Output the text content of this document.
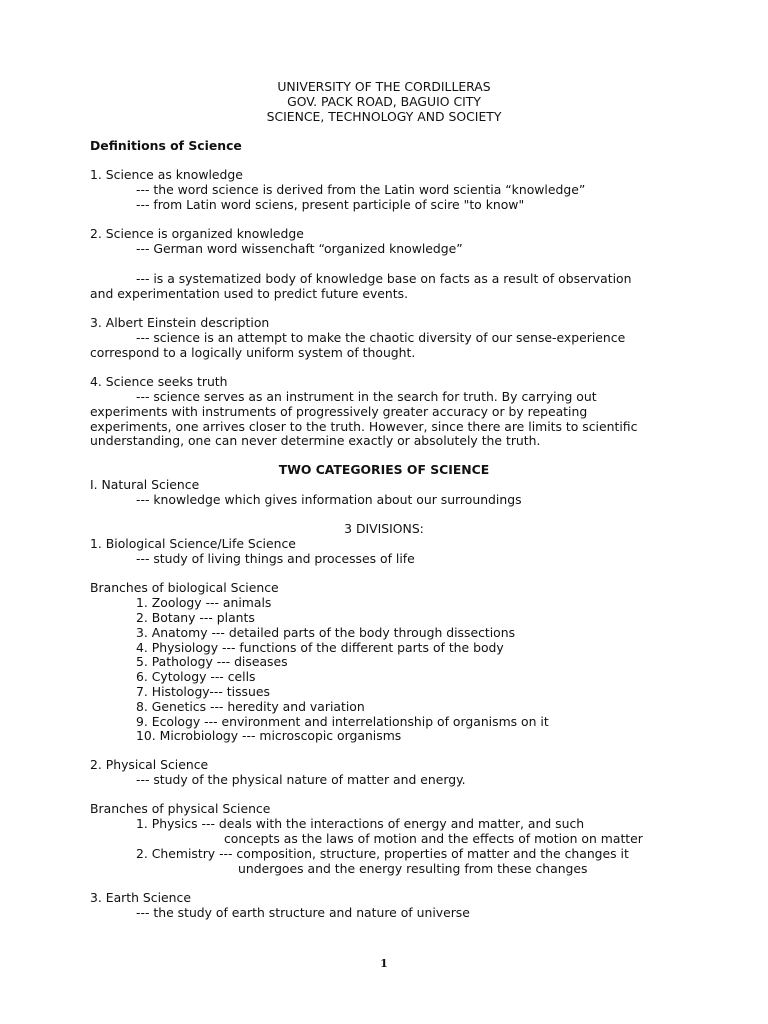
UNIVERSITY OF THE CORDILLERAS

GOV. PACK ROAD, BAGUIO CITY

SCIENCE, TECHNOLOGY AND SOCIETY

Definitions of Science

1. Science as knowledge

--- the word science is derived from the Latin word scientia “knowledge”

--- from Latin word sciens, present participle of scire "to know"

2. Science is organized knowledge

--- German word wissenchaft “organized knowledge”

--- is a systematized body of knowledge base on facts as a result of observation

and experimentation used to predict future events.

3. Albert Einstein description

--- science is an attempt to make the chaotic diversity of our sense-experience

correspond to a logically uniform system of thought.

4. Science seeks truth

--- science serves as an instrument in the search for truth. By carrying out

experiments with instruments of progressively greater accuracy or by repeating

experiments, one arrives closer to the truth. However, since there are limits to scientific

understanding, one can never determine exactly or absolutely the truth.

TWO CATEGORIES OF SCIENCE

I. Natural Science

--- knowledge which gives information about our surroundings

3 DIVISIONS:

1. Biological Science/Life Science

--- study of living things and processes of life

Branches of biological Science

1. Zoology --- animals

2. Botany --- plants

3. Anatomy --- detailed parts of the body through dissections

4. Physiology --- functions of the different parts of the body

5. Pathology --- diseases

6. Cytology --- cells

7. Histology--- tissues

8. Genetics --- heredity and variation

9. Ecology --- environment and interrelationship of organisms on it

10. Microbiology --- microscopic organisms

2. Physical Science

--- study of the physical nature of matter and energy.

Branches of physical Science

1. Physics --- deals with the interactions of energy and matter, and such

concepts as the laws of motion and the effects of motion on matter

2. Chemistry --- composition, structure, properties of matter and the changes it

undergoes and the energy resulting from these changes

3. Earth Science

--- the study of earth structure and nature of universe

1
